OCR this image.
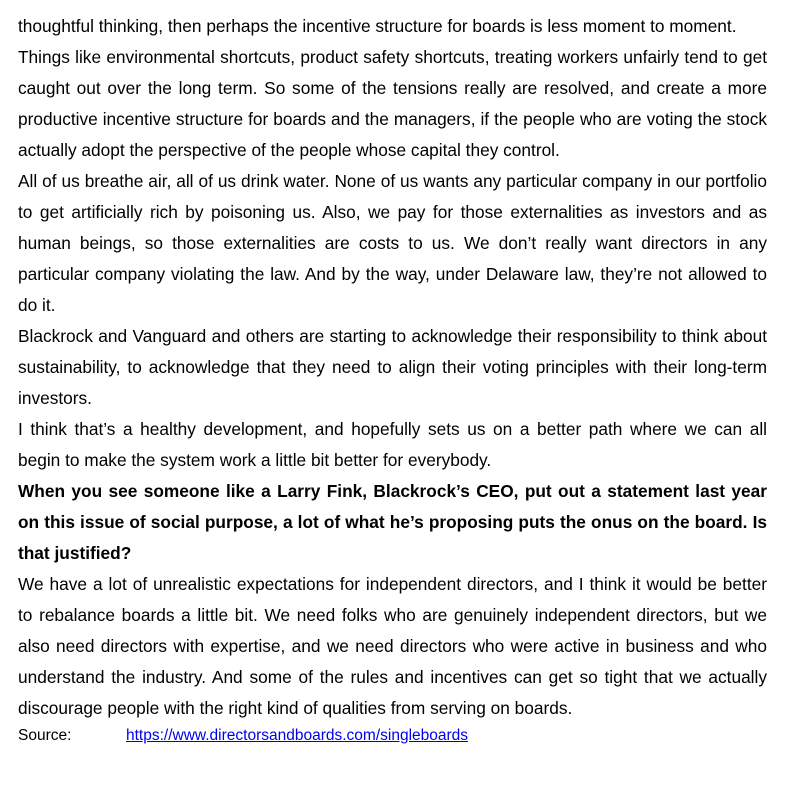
thoughtful thinking, then perhaps the incentive structure for boards is less moment to moment.

Things like environmental shortcuts, product safety shortcuts, treating workers unfairly tend to get caught out over the long term. So some of the tensions really are resolved, and create a more productive incentive structure for boards and the managers, if the people who are voting the stock actually adopt the perspective of the people whose capital they control.

All of us breathe air, all of us drink water. None of us wants any particular company in our portfolio to get artificially rich by poisoning us. Also, we pay for those externalities as investors and as human beings, so those externalities are costs to us. We don’t really want directors in any particular company violating the law. And by the way, under Delaware law, they’re not allowed to do it.

Blackrock and Vanguard and others are starting to acknowledge their responsibility to think about sustainability, to acknowledge that they need to align their voting principles with their long-term investors.

I think that’s a healthy development, and hopefully sets us on a better path where we can all begin to make the system work a little bit better for everybody.

When you see someone like a Larry Fink, Blackrock’s CEO, put out a statement last year on this issue of social purpose, a lot of what he’s proposing puts the onus on the board. Is that justified?

We have a lot of unrealistic expectations for independent directors, and I think it would be better to rebalance boards a little bit. We need folks who are genuinely independent directors, but we also need directors with expertise, and we need directors who were active in business and who understand the industry. And some of the rules and incentives can get so tight that we actually discourage people with the right kind of qualities from serving on boards.

Source:	https://www.directorsandboards.com/singleboards
